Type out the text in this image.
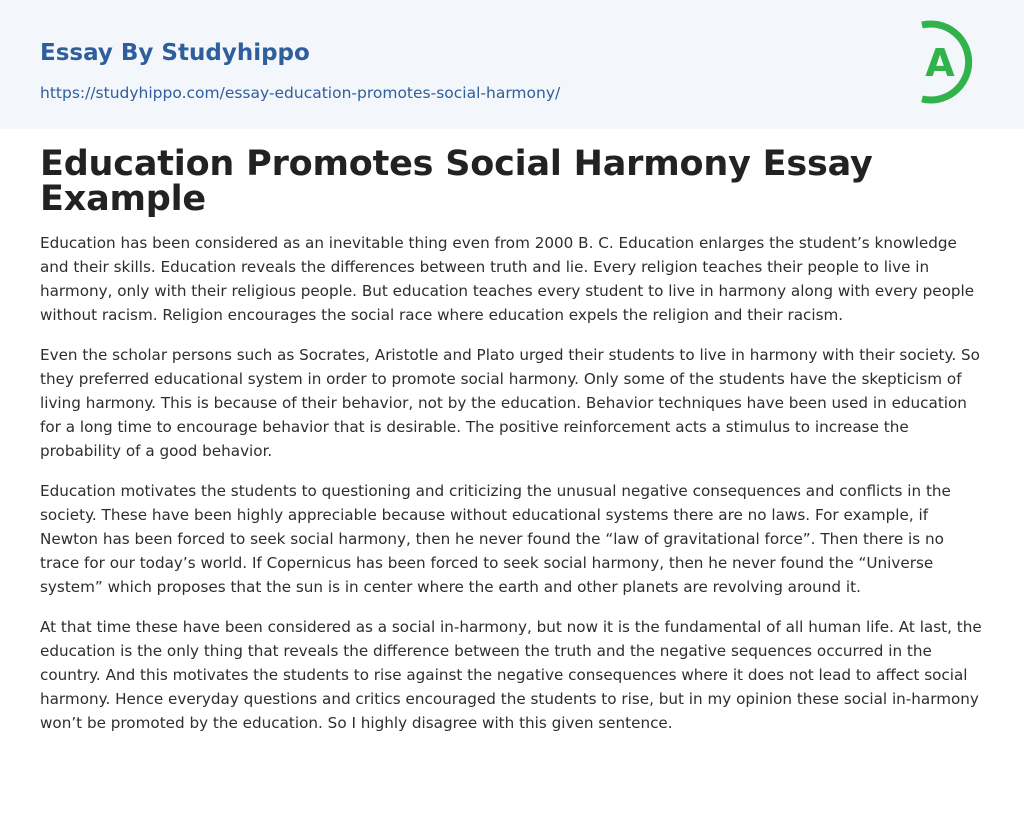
Essay By Studyhippo
https://studyhippo.com/essay-education-promotes-social-harmony/
A
Education Promotes Social Harmony Essay Example

Education has been considered as an inevitable thing even from 2000 B. C. Education enlarges the student’s knowledge and their skills. Education reveals the differences between truth and lie. Every religion teaches their people to live in harmony, only with their religious people. But education teaches every student to live in harmony along with every people without racism. Religion encourages the social race where education expels the religion and their racism.

Even the scholar persons such as Socrates, Aristotle and Plato urged their students to live in harmony with their society. So they preferred educational system in order to promote social harmony. Only some of the students have the skepticism of living harmony. This is because of their behavior, not by the education. Behavior techniques have been used in education for a long time to encourage behavior that is desirable. The positive reinforcement acts a stimulus to increase the probability of a good behavior.

Education motivates the students to questioning and criticizing the unusual negative consequences and conflicts in the society. These have been highly appreciable because without educational systems there are no laws. For example, if Newton has been forced to seek social harmony, then he never found the “law of gravitational force”. Then there is no trace for our today’s world. If Copernicus has been forced to seek social harmony, then he never found the “Universe system” which proposes that the sun is in center where the earth and other planets are revolving around it.

At that time these have been considered as a social in-harmony, but now it is the fundamental of all human life. At last, the education is the only thing that reveals the difference between the truth and the negative sequences occurred in the country. And this motivates the students to rise against the negative consequences where it does not lead to affect social harmony. Hence everyday questions and critics encouraged the students to rise, but in my opinion these social in-harmony won’t be promoted by the education. So I highly disagree with this given sentence.
